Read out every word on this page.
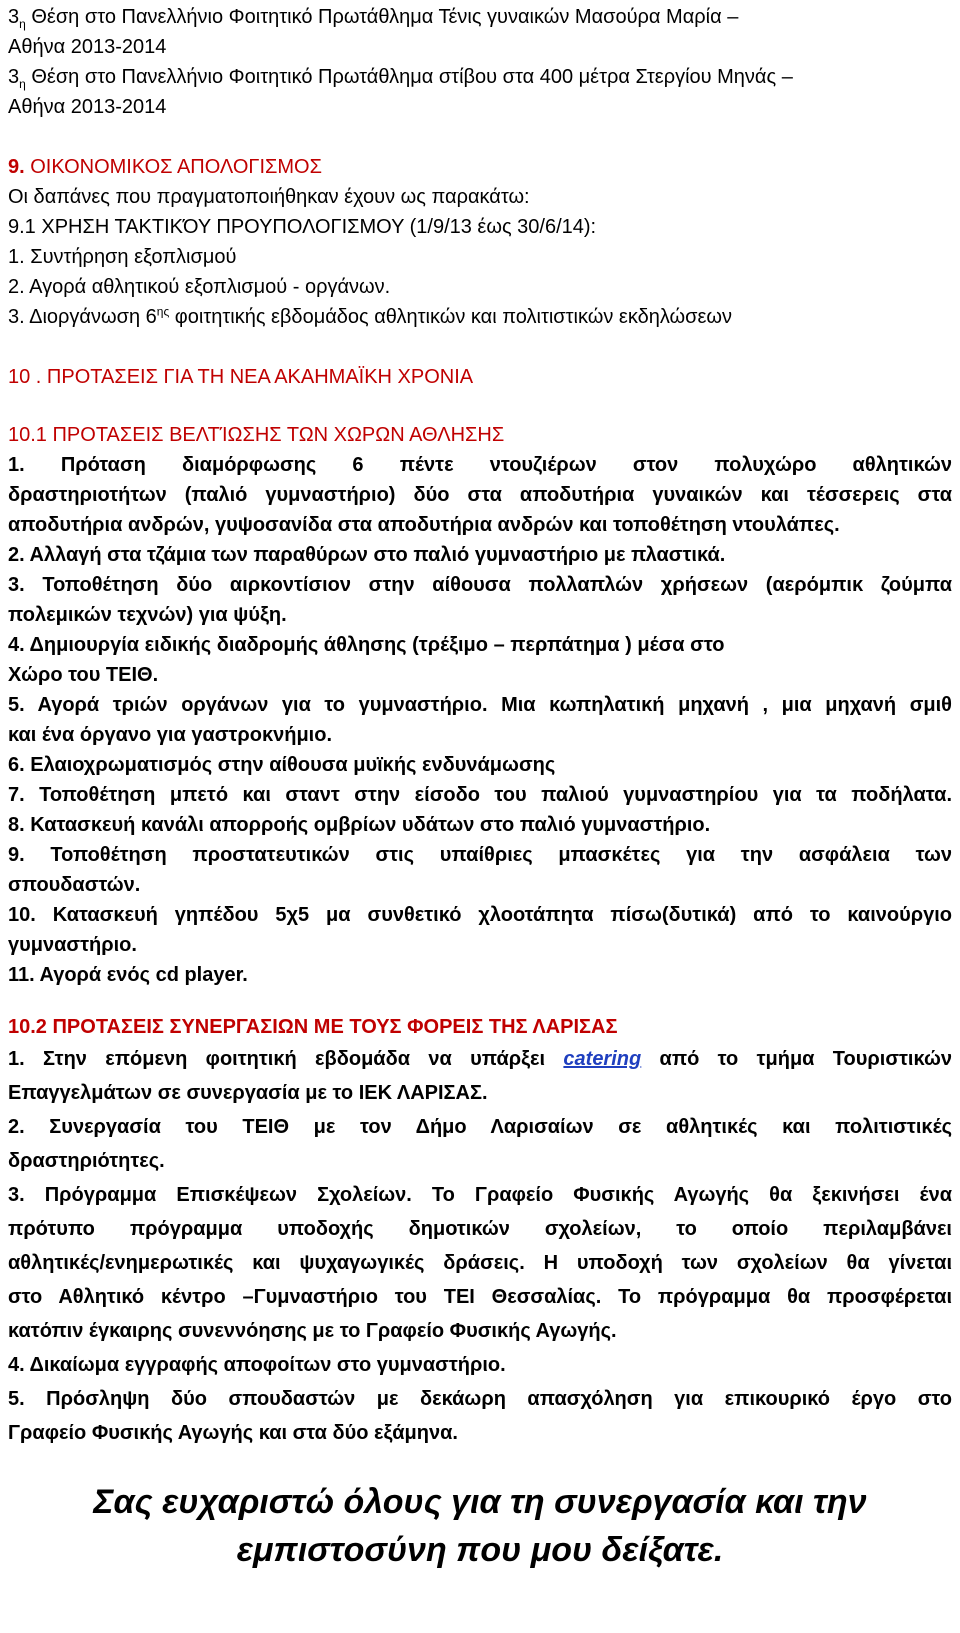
$3_\eta$ Θέση στο Πανελλήνιο Φοιτητικό Πρωτάθλημα Τένις γυναικών Μασούρα Μαρία –

Αθήνα 2013-2014

$3_\eta$ Θέση στο Πανελλήνιο Φοιτητικό Πρωτάθλημα στίβου στα 400 μέτρα Στεργίου Μηνάς –

Αθήνα 2013-2014

9. ΟΙΚΟΝΟΜΙΚΟΣ ΑΠΟΛΟΓΙΣΜΟΣ

Οι δαπάνες που πραγματοποιήθηκαν έχουν ως παρακάτω:

9.1 ΧΡΗΣΗ ΤΑΚΤΙΚΌΥ ΠΡΟΥΠΟΛΟΓΙΣΜΟΥ (1/9/13 έως 30/6/14):

1. Συντήρηση εξοπλισμού

2. Αγορά αθλητικού εξοπλισμού - οργάνων.

3. Διοργάνωση $6^{\eta\varsigma}$ φοιτητικής εβδομάδος αθλητικών και πολιτιστικών εκδηλώσεων

10 . ΠΡΟΤΑΣΕΙΣ ΓΙΑ ΤΗ ΝΕΑ ΑΚΑΗΜΑΪΚΗ ΧΡΟΝΙΑ

10.1 ΠΡΟΤΑΣΕΙΣ ΒΕΛΤΊΩΣΗΣ ΤΩΝ ΧΩΡΩΝ ΑΘΛΗΣΗΣ

1. Πρόταση διαμόρφωσης 6 πέντε ντουζιέρων στον πολυχώρο αθλητικών

δραστηριοτήτων (παλιό γυμναστήριο) δύο στα αποδυτήρια γυναικών και τέσσερεις στα

αποδυτήρια ανδρών, γυψοσανίδα στα αποδυτήρια ανδρών και τοποθέτηση ντουλάπες.

2. Αλλαγή στα τζάμια των παραθύρων στο παλιό γυμναστήριο με πλαστικά.

3. Τοποθέτηση δύο αιρκοντίσιον στην αίθουσα πολλαπλών χρήσεων (αερόμπικ ζούμπα

πολεμικών τεχνών) για ψύξη.

4. Δημιουργία ειδικής διαδρομής άθλησης (τρέξιμο – περπάτημα ) μέσα στο

Χώρο του ΤΕΙΘ.

5. Αγορά τριών οργάνων για το γυμναστήριο. Μια κωπηλατική μηχανή , μια μηχανή σμιθ

και ένα όργανο για γαστροκνήμιο.

6. Ελαιοχρωματισμός στην αίθουσα μυϊκής ενδυνάμωσης

7. Τοποθέτηση μπετό και σταντ στην είσοδο του παλιού γυμναστηρίου για τα ποδήλατα.

8. Κατασκευή κανάλι απορροής ομβρίων υδάτων στο παλιό γυμναστήριο.

9. Τοποθέτηση προστατευτικών στις υπαίθριες μπασκέτες για την ασφάλεια των

σπουδαστών.

10. Κατασκευή γηπέδου 5χ5 μα συνθετικό χλοοτάπητα πίσω(δυτικά) από το καινούργιο

γυμναστήριο.

11. Αγορά ενός cd player.

10.2 ΠΡΟΤΑΣΕΙΣ ΣΥΝΕΡΓΑΣΙΩΝ ΜΕ ΤΟΥΣ ΦΟΡΕΙΣ ΤΗΣ ΛΑΡΙΣΑΣ

1. Στην επόμενη φοιτητική εβδομάδα να υπάρξει catering από το τμήμα Τουριστικών

Επαγγελμάτων σε συνεργασία με το ΙΕΚ ΛΑΡΙΣΑΣ.

2. Συνεργασία του ΤΕΙΘ με τον Δήμο Λαρισαίων σε αθλητικές και πολιτιστικές

δραστηριότητες.

3. Πρόγραμμα Επισκέψεων Σχολείων. Το Γραφείο Φυσικής Αγωγής θα ξεκινήσει ένα

πρότυπο πρόγραμμα υποδοχής δημοτικών σχολείων, το οποίο περιλαμβάνει

αθλητικές/ενημερωτικές και ψυχαγωγικές δράσεις. Η υποδοχή των σχολείων θα γίνεται

στο Αθλητικό κέντρο –Γυμναστήριο του ΤΕΙ Θεσσαλίας. Το πρόγραμμα θα προσφέρεται

κατόπιν έγκαιρης συνεννόησης με το Γραφείο Φυσικής Αγωγής.

4. Δικαίωμα εγγραφής αποφοίτων στο γυμναστήριο.

5. Πρόσληψη δύο σπουδαστών με δεκάωρη απασχόληση για επικουρικό έργο στο

Γραφείο Φυσικής Αγωγής και στα δύο εξάμηνα.

Σας ευχαριστώ όλους για τη συνεργασία και την
εμπιστοσύνη που μου δείξατε.
